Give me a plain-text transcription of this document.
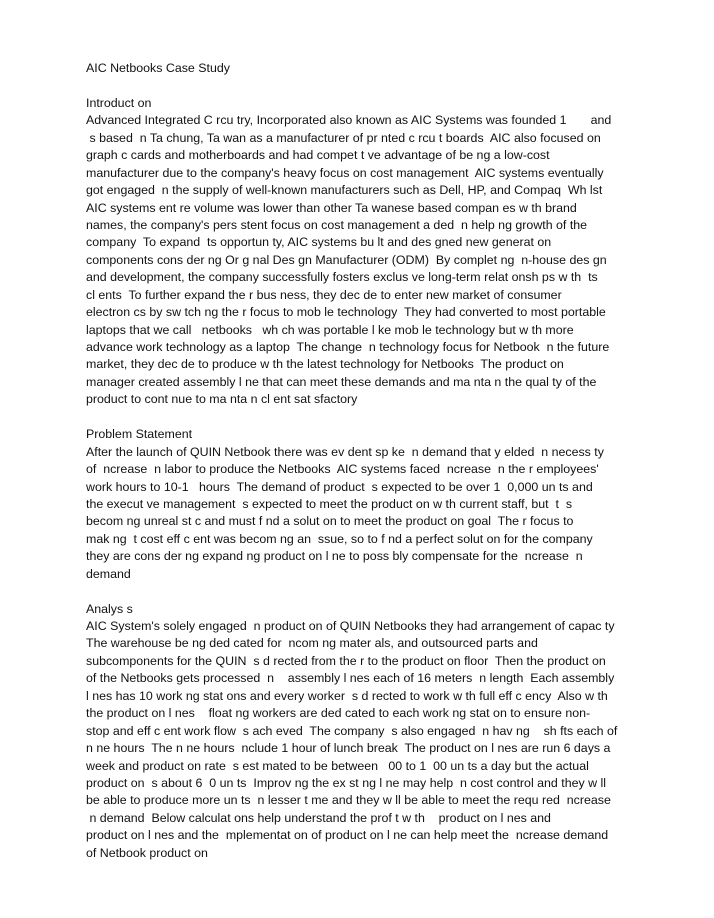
AIC Netbooks Case Study
Introduct on
Advanced Integrated C rcu try, Incorporated also known as AIC Systems was founded 1       and
s based  n Ta chung, Ta wan as a manufacturer of pr nted c rcu t boards  AIC also focused on
graph c cards and motherboards and had compet t ve advantage of be ng a low-cost
manufacturer due to the company's heavy focus on cost management  AIC systems eventually
got engaged  n the supply of well-known manufacturers such as Dell, HP, and Compaq  Wh lst
AIC systems ent re volume was lower than other Ta wanese based compan es w th brand
names, the company's pers stent focus on cost management a ded  n help ng growth of the
company  To expand  ts opportun ty, AIC systems bu lt and des gned new generat on
components cons der ng Or g nal Des gn Manufacturer (ODM)  By complet ng  n-house des gn
and development, the company successfully fosters exclus ve long-term relat onsh ps w th  ts
cl ents  To further expand the r bus ness, they dec de to enter new market of consumer
electron cs by sw tch ng the r focus to mob le technology  They had converted to most portable
laptops that we call   netbooks   wh ch was portable l ke mob le technology but w th more
advance work technology as a laptop  The change  n technology focus for Netbook  n the future
market, they dec de to produce w th the latest technology for Netbooks  The product on
manager created assembly l ne that can meet these demands and ma nta n the qual ty of the
product to cont nue to ma nta n cl ent sat sfactory
Problem Statement
After the launch of QUIN Netbook there was ev dent sp ke  n demand that y elded  n necess ty
of  ncrease  n labor to produce the Netbooks  AIC systems faced  ncrease  n the r employees'
work hours to 10-1   hours  The demand of product  s expected to be over 1  0,000 un ts and
the execut ve management  s expected to meet the product on w th current staff, but  t  s
becom ng unreal st c and must f nd a solut on to meet the product on goal  The r focus to
mak ng  t cost eff c ent was becom ng an  ssue, so to f nd a perfect solut on for the company
they are cons der ng expand ng product on l ne to poss bly compensate for the  ncrease  n
demand
Analys s
AIC System's solely engaged  n product on of QUIN Netbooks they had arrangement of capac ty
The warehouse be ng ded cated for  ncom ng mater als, and outsourced parts and
subcomponents for the QUIN  s d rected from the r to the product on floor  Then the product on
of the Netbooks gets processed  n    assembly l nes each of 16 meters  n length  Each assembly
l nes has 10 work ng stat ons and every worker  s d rected to work w th full eff c ency  Also w th
the product on l nes    float ng workers are ded cated to each work ng stat on to ensure non-
stop and eff c ent work flow  s ach eved  The company  s also engaged  n hav ng    sh fts each of
n ne hours  The n ne hours  nclude 1 hour of lunch break  The product on l nes are run 6 days a
week and product on rate  s est mated to be between   00 to 1  00 un ts a day but the actual
product on  s about 6  0 un ts  Improv ng the ex st ng l ne may help  n cost control and they w ll
be able to produce more un ts  n lesser t me and they w ll be able to meet the requ red  ncrease
n demand  Below calculat ons help understand the prof t w th    product on l nes and
product on l nes and the  mplementat on of product on l ne can help meet the  ncrease demand
of Netbook product on
